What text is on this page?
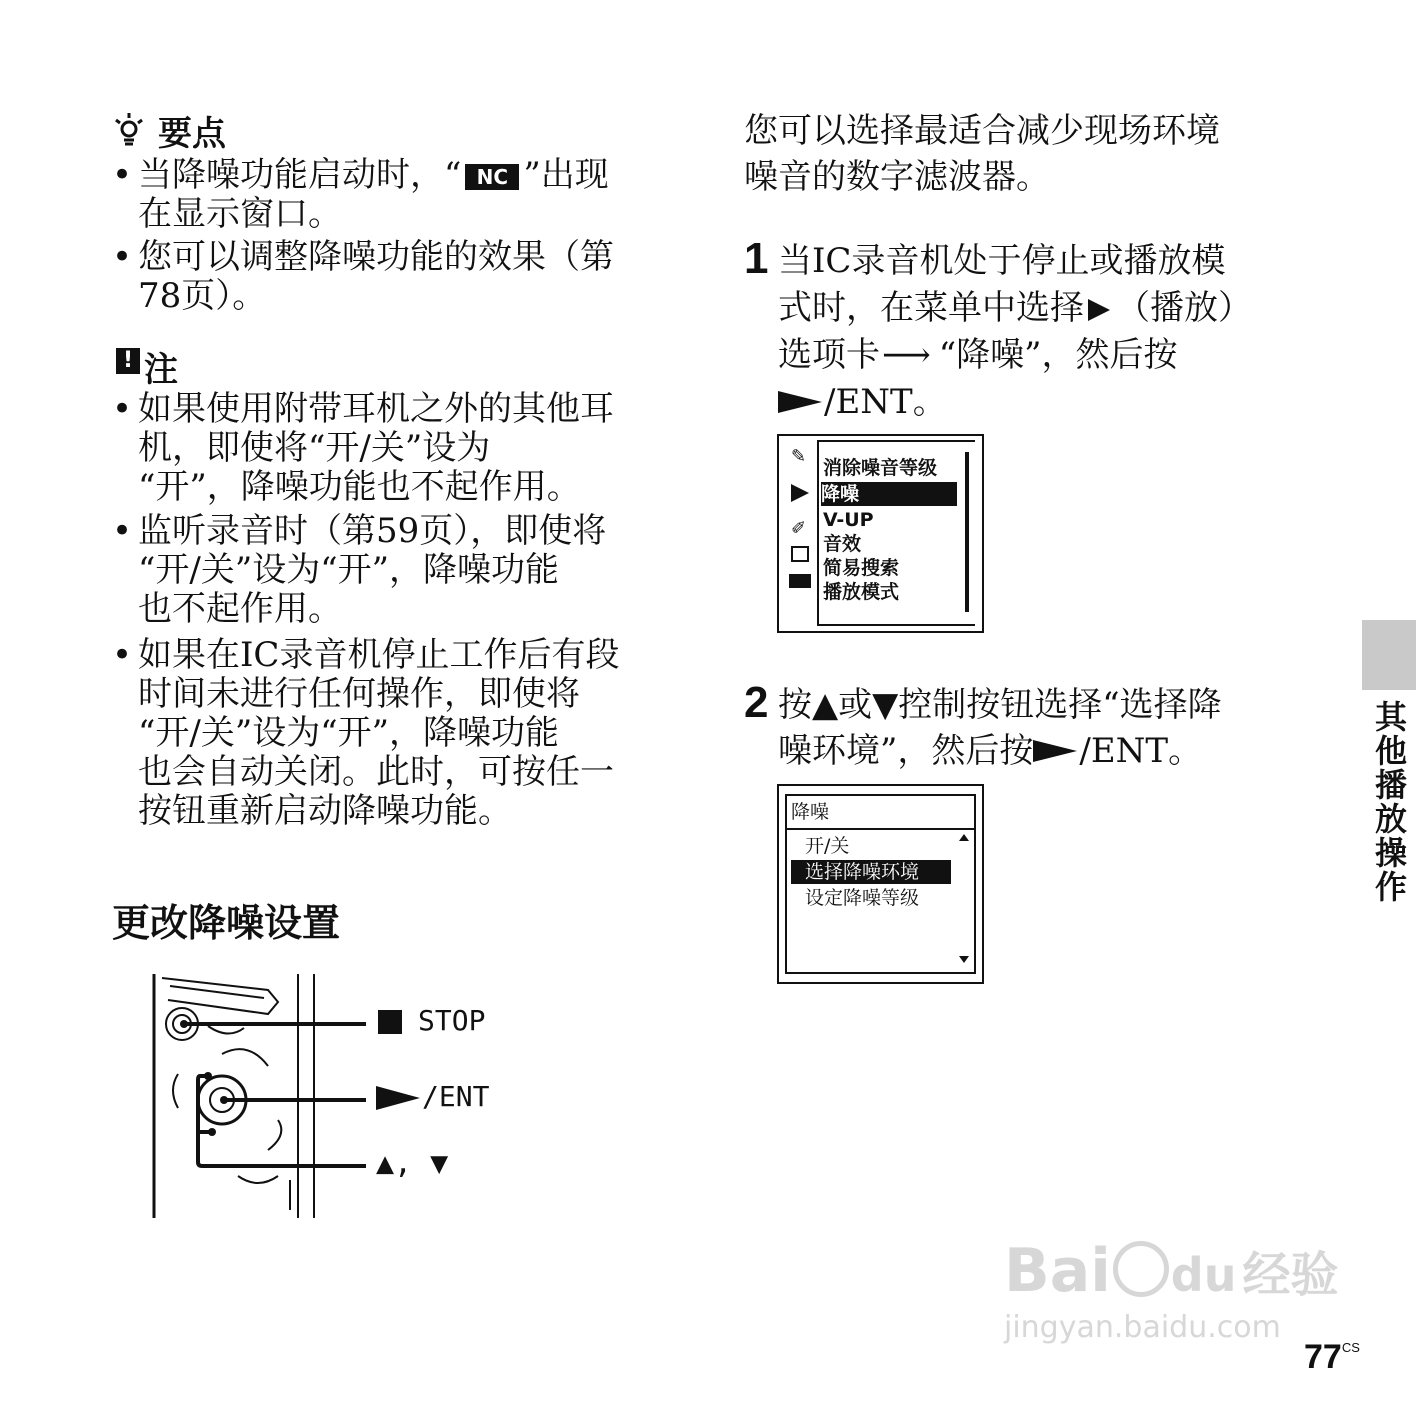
要点
• 当降噪功能启动时，“ NC ”出现
在显示窗口。
• 您可以调整降噪功能的效果（第
78页）。
! 注
• 如果使用附带耳机之外的其他耳
机，即使将“开/关”设为
“开”，降噪功能也不起作用。
• 监听录音时（第59页），即使将
“开/关”设为“开”，降噪功能
也不起作用。
• 如果在IC录音机停止工作后有段
时间未进行任何操作，即使将
“开/关”设为“开”，降噪功能
也会自动关闭。此时，可按任一
按钮重新启动降噪功能。
更改降噪设置
STOP
/ENT
▲, ▼
您可以选择最适合减少现场环境
噪音的数字滤波器。
1 当IC录音机处于停止或播放模
式时，在菜单中选择 （播放）
选项卡⟶ “降噪”，然后按
/ENT。
✎
✐
消除噪音等级
降噪
V-UP
音效
简易搜索
播放模式
2 按▲或▼控制按钮选择“选择降
噪环境”，然后按 /ENT。
降噪
开/关
选择降噪环境
设定降噪等级	其他播放操作
Bai du 经验
jingyan.baidu.com
$77^{CS}$
